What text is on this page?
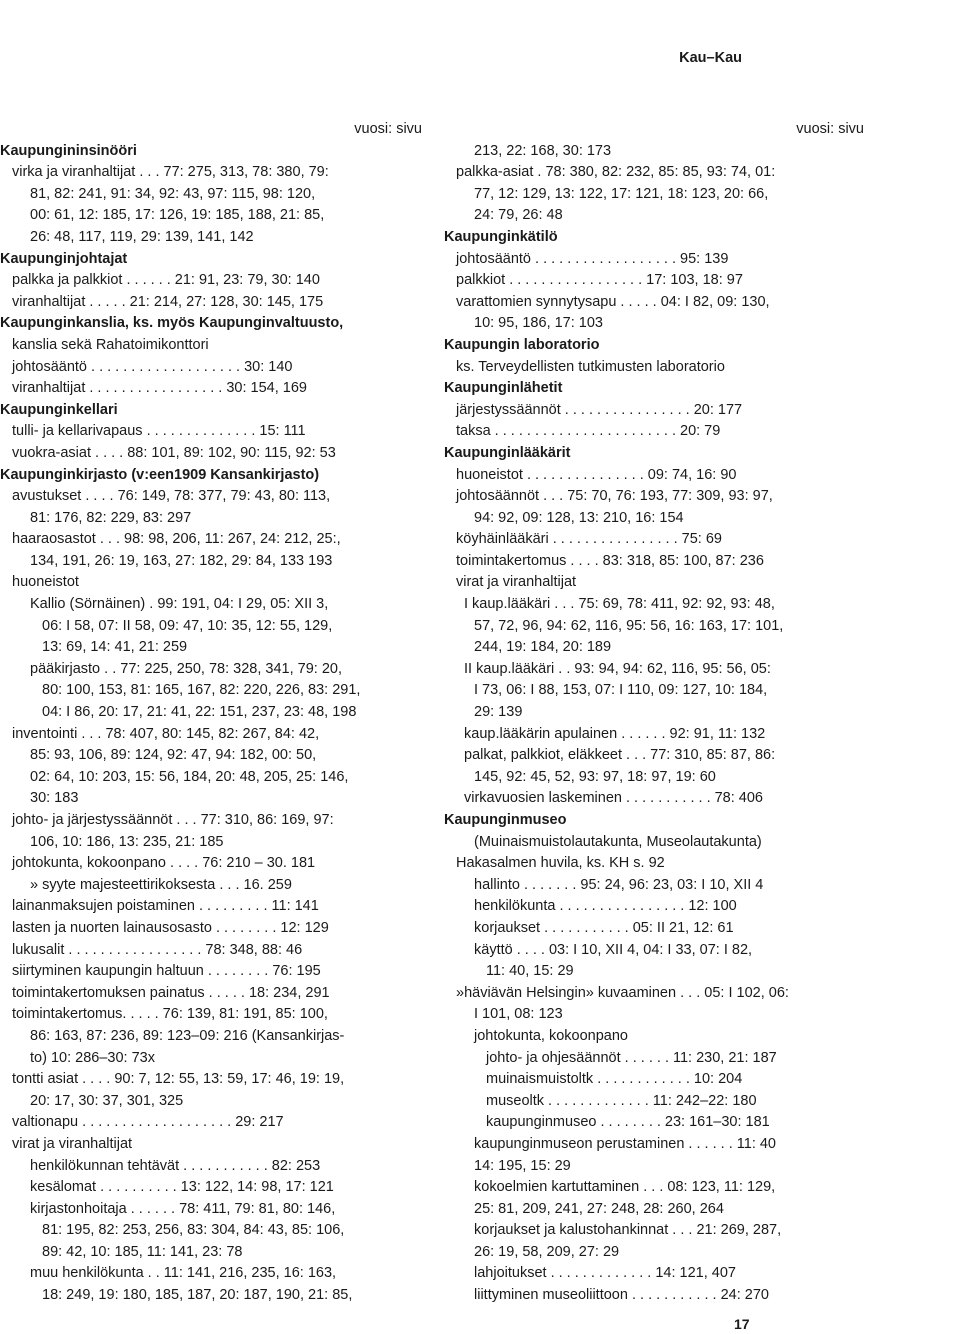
Kau–Kau
vuosi: sivu
Kaupungininsinööri
virka ja viranhaltijat . . . 77: 275, 313, 78: 380, 79:
81, 82: 241, 91: 34, 92: 43, 97: 115, 98: 120,
00: 61, 12: 185, 17: 126, 19: 185, 188, 21: 85,
26: 48, 117, 119, 29: 139, 141, 142
Kaupunginjohtajat
palkka ja palkkiot . . . . . . 21: 91, 23: 79, 30: 140
viranhaltijat . . . . . 21: 214, 27: 128, 30: 145, 175
Kaupunginkanslia, ks. myös Kaupunginvaltuusto,
kanslia sekä Rahatoimikonttori
johtosääntö . . . . . . . . . . . . . . . . . . . 30: 140
viranhaltijat . . . . . . . . . . . . . . . . . 30: 154, 169
Kaupunginkellari
tulli- ja kellarivapaus . . . . . . . . . . . . . . 15: 111
vuokra-asiat . . . . 88: 101, 89: 102, 90: 115, 92: 53
Kaupunginkirjasto (v:een1909 Kansankirjasto)
avustukset . . . . 76: 149, 78: 377, 79: 43, 80: 113,
81: 176, 82: 229, 83: 297
haaraosastot . . . 98: 98, 206, 11: 267, 24: 212, 25:,
134, 191, 26: 19, 163, 27: 182, 29: 84, 133 193
huoneistot
Kallio (Sörnäinen) . 99: 191, 04: I 29, 05: XII 3,
06: I 58, 07: II 58, 09: 47, 10: 35, 12: 55, 129,
13: 69, 14: 41, 21: 259
pääkirjasto . . 77: 225, 250, 78: 328, 341, 79: 20,
80: 100, 153, 81: 165, 167, 82: 220, 226, 83: 291,
04: I 86, 20: 17, 21: 41, 22: 151, 237, 23: 48, 198
inventointi . . . 78: 407, 80: 145, 82: 267, 84: 42,
85: 93, 106, 89: 124, 92: 47, 94: 182, 00: 50,
02: 64, 10: 203, 15: 56, 184, 20: 48, 205, 25: 146,
30: 183
johto- ja järjestyssäännöt . . . 77: 310, 86: 169, 97:
106, 10: 186, 13: 235, 21: 185
johtokunta, kokoonpano . . . . 76: 210 – 30. 181
» syyte majesteettirikoksesta . . . 16. 259
lainanmaksujen poistaminen . . . . . . . . . 11: 141
lasten ja nuorten lainausosasto . . . . . . . . 12: 129
lukusalit . . . . . . . . . . . . . . . . . 78: 348, 88: 46
siirtyminen kaupungin haltuun . . . . . . . . 76: 195
toimintakertomuksen painatus . . . . . 18: 234, 291
toimintakertomus. . . . . 76: 139, 81: 191, 85: 100,
86: 163, 87: 236, 89: 123–09: 216 (Kansankirjas-
to) 10: 286–30: 73x
tontti asiat . . . . 90: 7, 12: 55, 13: 59, 17: 46, 19: 19,
20: 17, 30: 37, 301, 325
valtionapu . . . . . . . . . . . . . . . . . . . 29: 217
virat ja viranhaltijat
henkilökunnan tehtävät . . . . . . . . . . . 82: 253
kesälomat . . . . . . . . . . 13: 122, 14: 98, 17: 121
kirjastonhoitaja . . . . . . 78: 411, 79: 81, 80: 146,
81: 195, 82: 253, 256, 83: 304, 84: 43, 85: 106,
89: 42, 10: 185, 11: 141, 23: 78
muu henkilökunta . . 11: 141, 216, 235, 16: 163,
18: 249, 19: 180, 185, 187, 20: 187, 190, 21: 85,
vuosi: sivu
213, 22: 168, 30: 173
palkka-asiat . 78: 380, 82: 232, 85: 85, 93: 74, 01:
77, 12: 129, 13: 122, 17: 121, 18: 123, 20: 66,
24: 79, 26: 48
Kaupunginkätilö
johtosääntö . . . . . . . . . . . . . . . . . . 95: 139
palkkiot . . . . . . . . . . . . . . . . . 17: 103, 18: 97
varattomien synnytysapu . . . . . 04: I 82, 09: 130,
10: 95, 186, 17: 103
Kaupungin laboratorio
ks. Terveydellisten tutkimusten laboratorio
Kaupunginlähetit
järjestyssäännöt . . . . . . . . . . . . . . . . 20: 177
taksa . . . . . . . . . . . . . . . . . . . . . . . 20: 79
Kaupunginlääkärit
huoneistot . . . . . . . . . . . . . . . 09: 74, 16: 90
johtosäännöt . . . 75: 70, 76: 193, 77: 309, 93: 97,
94: 92, 09: 128, 13: 210, 16: 154
köyhäinlääkäri . . . . . . . . . . . . . . . . 75: 69
toimintakertomus . . . . 83: 318, 85: 100, 87: 236
virat ja viranhaltijat
I kaup.lääkäri . . . 75: 69, 78: 411, 92: 92, 93: 48,
57, 72, 96, 94: 62, 116, 95: 56, 16: 163, 17: 101,
244, 19: 184, 20: 189
II kaup.lääkäri . . 93: 94, 94: 62, 116, 95: 56, 05:
I 73, 06: I 88, 153, 07: I 110, 09: 127, 10: 184,
29: 139
kaup.lääkärin apulainen . . . . . . 92: 91, 11: 132
palkat, palkkiot, eläkkeet . . . 77: 310, 85: 87, 86:
145, 92: 45, 52, 93: 97, 18: 97, 19: 60
virkavuosien laskeminen . . . . . . . . . . . 78: 406
Kaupunginmuseo
(Muinaismuistolautakunta, Museolautakunta)
Hakasalmen huvila, ks. KH s. 92
hallinto . . . . . . . 95: 24, 96: 23, 03: I 10, XII 4
henkilökunta . . . . . . . . . . . . . . . . 12: 100
korjaukset . . . . . . . . . . . 05: II 21, 12: 61
käyttö . . . . 03: I 10, XII 4, 04: I 33, 07: I 82,
11: 40, 15: 29
»häviävän Helsingin» kuvaaminen . . . 05: I 102, 06:
I 101, 08: 123
johtokunta, kokoonpano
johto- ja ohjesäännöt . . . . . . 11: 230, 21: 187
muinaismuistoltk . . . . . . . . . . . . 10: 204
museoltk . . . . . . . . . . . . . 11: 242–22: 180
kaupunginmuseo . . . . . . . . 23: 161–30: 181
kaupunginmuseon perustaminen . . . . . . 11: 40
14: 195, 15: 29
kokoelmien kartuttaminen . . . 08: 123, 11: 129,
25: 81, 209, 241, 27: 248, 28: 260, 264
korjaukset ja kalustohankinnat . . . 21: 269, 287,
26: 19, 58, 209, 27: 29
lahjoitukset . . . . . . . . . . . . . 14: 121, 407
liittyminen museoliittoon . . . . . . . . . . . 24: 270
17
